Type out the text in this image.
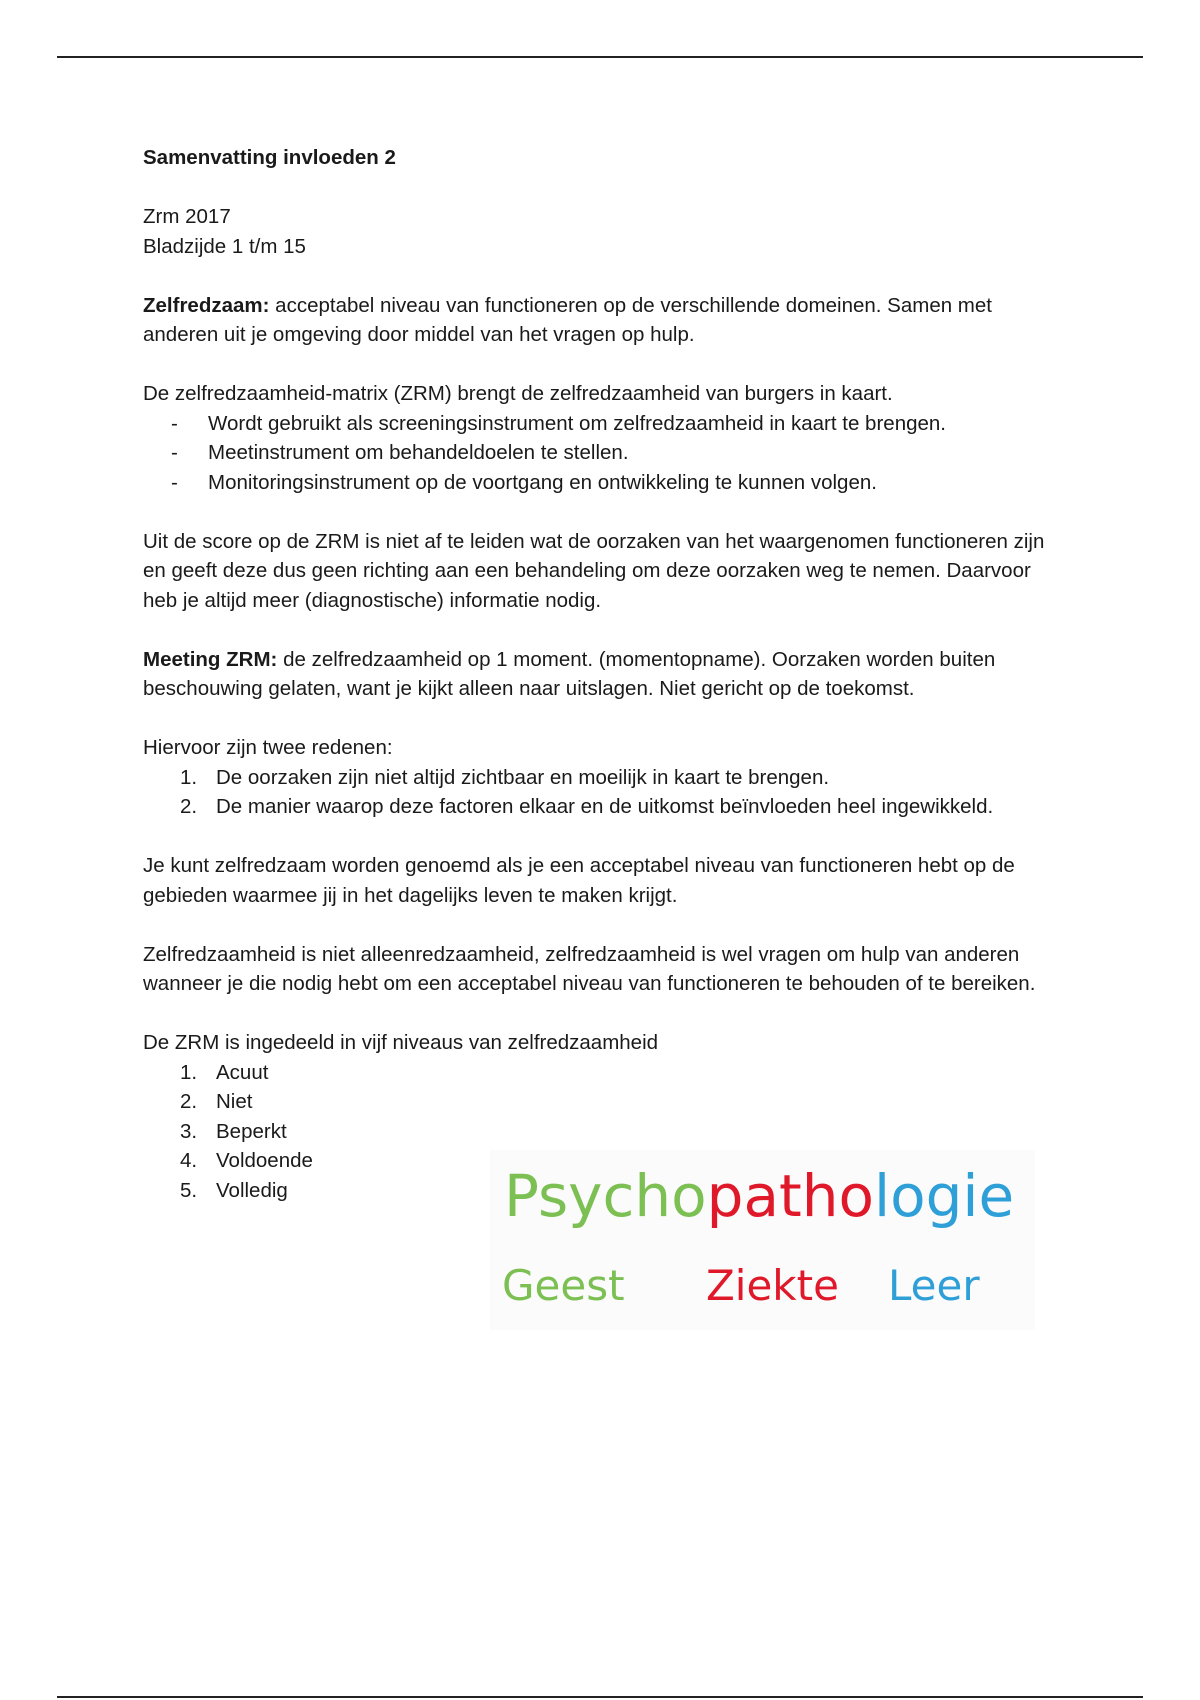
Samenvatting invloeden 2

Zrm 2017
Bladzijde 1 t/m 15

Zelfredzaam: acceptabel niveau van functioneren op de verschillende domeinen. Samen met anderen uit je omgeving door middel van het vragen op hulp.

De zelfredzaamheid-matrix (ZRM) brengt de zelfredzaamheid van burgers in kaart.
- Wordt gebruikt als screeningsinstrument om zelfredzaamheid in kaart te brengen.
- Meetinstrument om behandeldoelen te stellen.
- Monitoringsinstrument op de voortgang en ontwikkeling te kunnen volgen.

Uit de score op de ZRM is niet af te leiden wat de oorzaken van het waargenomen functioneren zijn en geeft deze dus geen richting aan een behandeling om deze oorzaken weg te nemen. Daarvoor heb je altijd meer (diagnostische) informatie nodig.

Meeting ZRM: de zelfredzaamheid op 1 moment. (momentopname). Oorzaken worden buiten beschouwing gelaten, want je kijkt alleen naar uitslagen. Niet gericht op de toekomst.

Hiervoor zijn twee redenen:
1. De oorzaken zijn niet altijd zichtbaar en moeilijk in kaart te brengen.
2. De manier waarop deze factoren elkaar en de uitkomst beïnvloeden heel ingewikkeld.

Je kunt zelfredzaam worden genoemd als je een acceptabel niveau van functioneren hebt op de gebieden waarmee jij in het dagelijks leven te maken krijgt.

Zelfredzaamheid is niet alleenredzaamheid, zelfredzaamheid is wel vragen om hulp van anderen wanneer je die nodig hebt om een acceptabel niveau van functioneren te behouden of te bereiken.

De ZRM is ingedeeld in vijf niveaus van zelfredzaamheid
1. Acuut
2. Niet
3. Beperkt
4. Voldoende
5. Volledig	Psychopathologie
Geest Ziekte Leer
